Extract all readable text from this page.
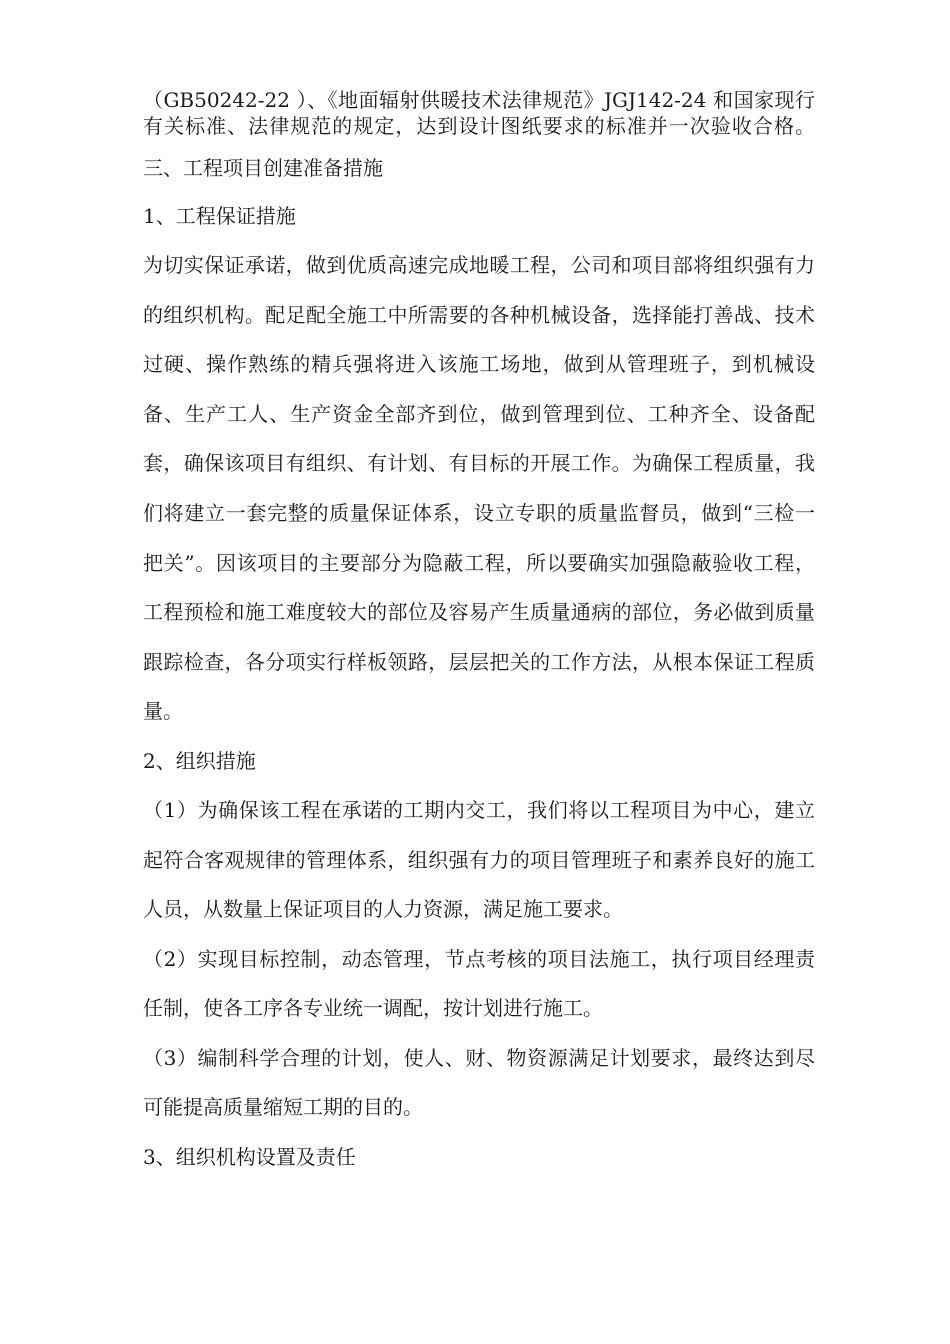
（GB50242-22 ）、《地面辐射供暖技术法律规范》JGJ142-24 和国家现行
有关标准、法律规范的规定，达到设计图纸要求的标准并一次验收合格。
三、工程项目创建准备措施
1、工程保证措施
为切实保证承诺，做到优质高速完成地暖工程，公司和项目部将组织强有力
的组织机构。配足配全施工中所需要的各种机械设备，选择能打善战、技术
过硬、操作熟练的精兵强将进入该施工场地，做到从管理班子，到机械设
备、生产工人、生产资金全部齐到位，做到管理到位、工种齐全、设备配
套，确保该项目有组织、有计划、有目标的开展工作。为确保工程质量，我
们将建立一套完整的质量保证体系，设立专职的质量监督员，做到“三检一
把关”。因该项目的主要部分为隐蔽工程，所以要确实加强隐蔽验收工程，
工程预检和施工难度较大的部位及容易产生质量通病的部位，务必做到质量
跟踪检查，各分项实行样板领路，层层把关的工作方法，从根本保证工程质
量。
2、组织措施
（1）为确保该工程在承诺的工期内交工，我们将以工程项目为中心，建立
起符合客观规律的管理体系，组织强有力的项目管理班子和素养良好的施工
人员，从数量上保证项目的人力资源，满足施工要求。
（2）实现目标控制，动态管理，节点考核的项目法施工，执行项目经理责
任制，使各工序各专业统一调配，按计划进行施工。
（3）编制科学合理的计划，使人、财、物资源满足计划要求，最终达到尽
可能提高质量缩短工期的目的。
3、组织机构设置及责任
